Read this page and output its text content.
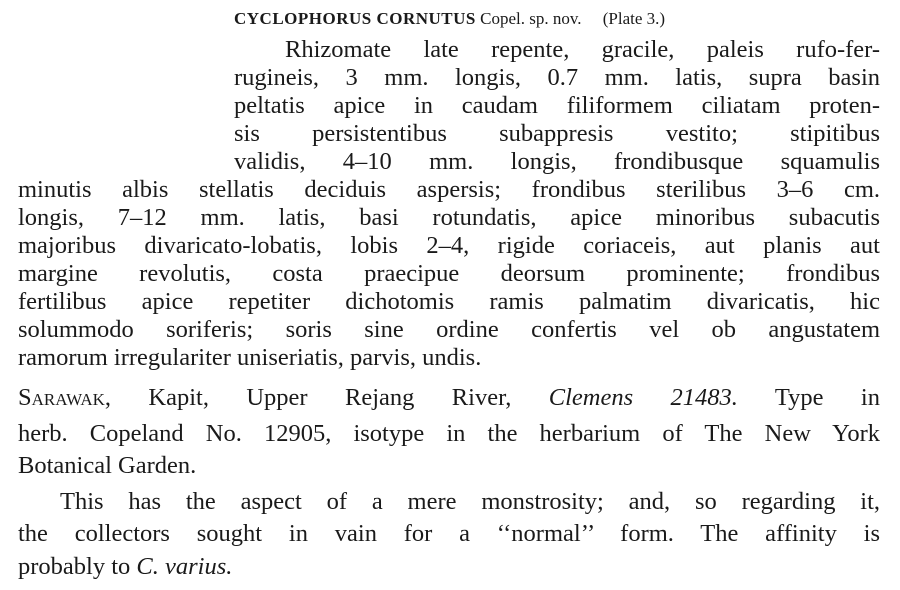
CYCLOPHORUS CORNUTUS Copel. sp. nov. (Plate 3.)
Rhizomate late repente, gracile, paleis rufo-fer-
rugineis, 3 mm. longis, 0.7 mm. latis, supra basin
peltatis apice in caudam filiformem ciliatam proten-
sis persistentibus subappresis vestito; stipitibus
validis, 4–10 mm. longis, frondibusque squamulis
minutis albis stellatis deciduis aspersis; frondibus sterilibus 3–6 cm.
longis, 7–12 mm. latis, basi rotundatis, apice minoribus subacutis
majoribus divaricato-lobatis, lobis 2–4, rigide coriaceis, aut planis aut
margine revolutis, costa praecipue deorsum prominente; frondibus
fertilibus apice repetiter dichotomis ramis palmatim divaricatis, hic
solummodo soriferis; soris sine ordine confertis vel ob angustatem
ramorum irregulariter uniseriatis, parvis, undis.
Sarawak, Kapit, Upper Rejang River, Clemens 21483. Type in
herb. Copeland No. 12905, isotype in the herbarium of The New York
Botanical Garden.
This has the aspect of a mere monstrosity; and, so regarding it,
the collectors sought in vain for a ‘‘normal’’ form. The affinity is
probably to C. varius.
